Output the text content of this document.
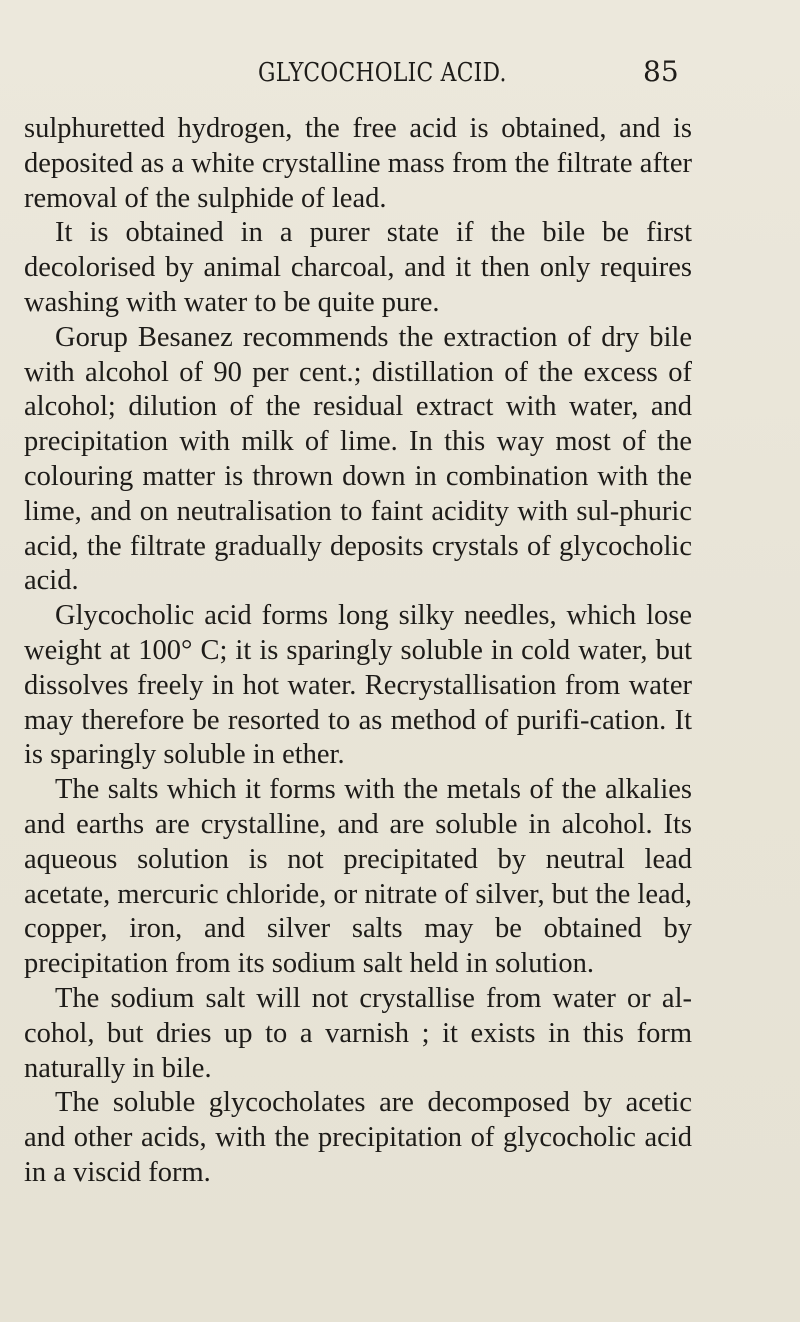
GLYCOCHOLIC ACID.	85

sulphuretted hydrogen, the free acid is obtained, and is deposited as a white crystalline mass from the filtrate after removal of the sulphide of lead.

It is obtained in a purer state if the bile be first decolorised by animal charcoal, and it then only requires washing with water to be quite pure.

Gorup Besanez recommends the extraction of dry bile with alcohol of 90 per cent.; distillation of the excess of alcohol; dilution of the residual extract with water, and precipitation with milk of lime. In this way most of the colouring matter is thrown down in combination with the lime, and on neutralisation to faint acidity with sul-phuric acid, the filtrate gradually deposits crystals of glycocholic acid.

Glycocholic acid forms long silky needles, which lose weight at 100° C; it is sparingly soluble in cold water, but dissolves freely in hot water. Recrystallisation from water may therefore be resorted to as method of purifi-cation. It is sparingly soluble in ether.

The salts which it forms with the metals of the alkalies and earths are crystalline, and are soluble in alcohol. Its aqueous solution is not precipitated by neutral lead acetate, mercuric chloride, or nitrate of silver, but the lead, copper, iron, and silver salts may be obtained by precipitation from its sodium salt held in solution.

The sodium salt will not crystallise from water or al-cohol, but dries up to a varnish ; it exists in this form naturally in bile.

The soluble glycocholates are decomposed by acetic and other acids, with the precipitation of glycocholic acid in a viscid form.
